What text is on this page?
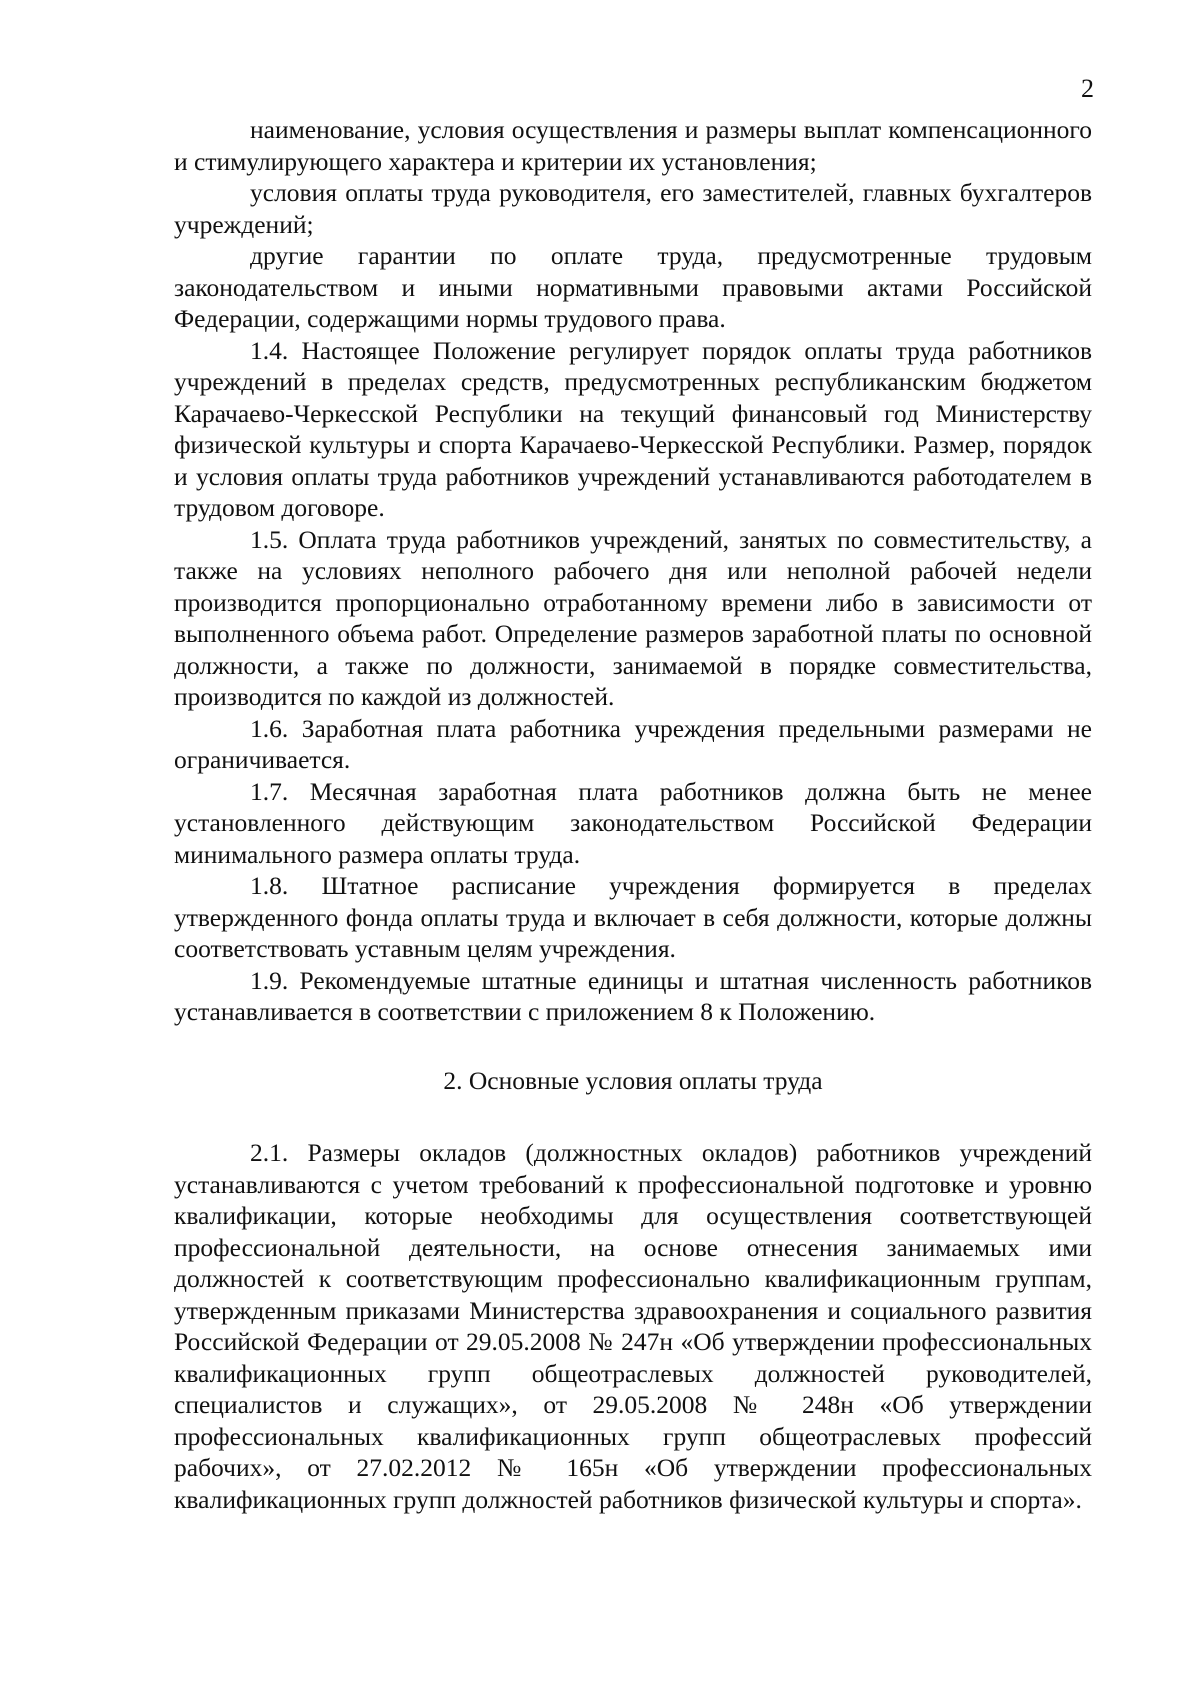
2

наименование, условия осуществления и размеры выплат компенсационного и стимулирующего характера и критерии их установления;

условия оплаты труда руководителя, его заместителей, главных бухгалтеров учреждений;

другие гарантии по оплате труда, предусмотренные трудовым законодательством и иными нормативными правовыми актами Российской Федерации, содержащими нормы трудового права.

1.4. Настоящее Положение регулирует порядок оплаты труда работников учреждений в пределах средств, предусмотренных республиканским бюджетом Карачаево-Черкесской Республики на текущий финансовый год Министерству физической культуры и спорта Карачаево-Черкесской Республики. Размер, порядок и условия оплаты труда работников учреждений устанавливаются работодателем в трудовом договоре.

1.5. Оплата труда работников учреждений, занятых по совместительству, а также на условиях неполного рабочего дня или неполной рабочей недели производится пропорционально отработанному времени либо в зависимости от выполненного объема работ. Определение размеров заработной платы по основной должности, а также по должности, занимаемой в порядке совместительства, производится по каждой из должностей.

1.6. Заработная плата работника учреждения предельными размерами не ограничивается.

1.7. Месячная заработная плата работников должна быть не менее установленного действующим законодательством Российской Федерации минимального размера оплаты труда.

1.8. Штатное расписание учреждения формируется в пределах утвержденного фонда оплаты труда и включает в себя должности, которые должны соответствовать уставным целям учреждения.

1.9. Рекомендуемые штатные единицы и штатная численность работников устанавливается в соответствии с приложением 8 к Положению.

2. Основные условия оплаты труда

2.1. Размеры окладов (должностных окладов) работников учреждений устанавливаются с учетом требований к профессиональной подготовке и уровню квалификации, которые необходимы для осуществления соответствующей профессиональной деятельности, на основе отнесения занимаемых ими должностей к соответствующим профессионально квалификационным группам, утвержденным приказами Министерства здравоохранения и социального развития Российской Федерации от 29.05.2008 № 247н «Об утверждении профессиональных квалификационных групп общеотраслевых должностей руководителей, специалистов и служащих», от 29.05.2008 № 248н «Об утверждении профессиональных квалификационных групп общеотраслевых профессий рабочих», от 27.02.2012 № 165н «Об утверждении профессиональных квалификационных групп должностей работников физической культуры и спорта».
